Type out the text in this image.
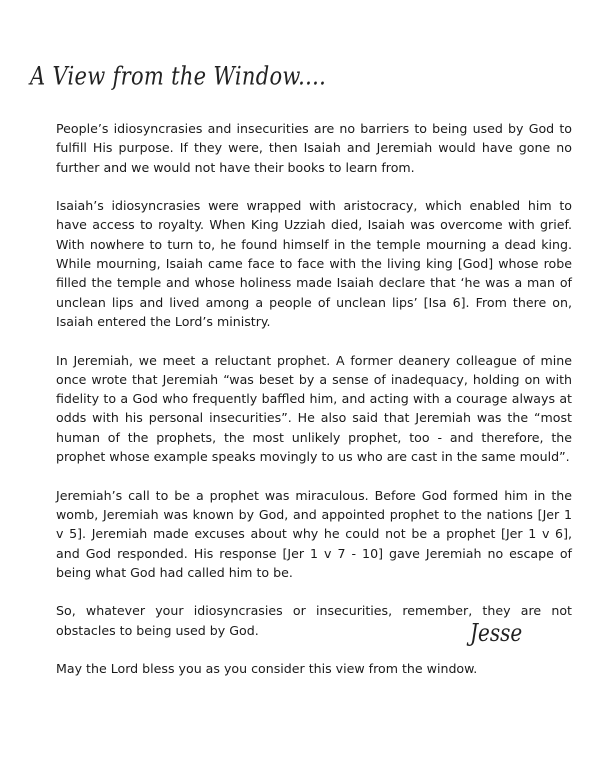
A View from the Window....

People’s idiosyncrasies and insecurities are no barriers to being used by God to fulfill His purpose. If they were, then Isaiah and Jeremiah would have gone no further and we would not have their books to learn from.

Isaiah’s idiosyncrasies were wrapped with aristocracy, which enabled him to have access to royalty. When King Uzziah died, Isaiah was overcome with grief. With nowhere to turn to, he found himself in the temple mourning a dead king. While mourning, Isaiah came face to face with the living king [God] whose robe filled the temple and whose holiness made Isaiah declare that ‘he was a man of unclean lips and lived among a people of unclean lips’ [Isa 6]. From there on, Isaiah entered the Lord’s ministry.

In Jeremiah, we meet a reluctant prophet. A former deanery colleague of mine once wrote that Jeremiah “was beset by a sense of inadequacy, holding on with fidelity to a God who frequently baffled him, and acting with a courage always at odds with his personal insecurities”. He also said that Jeremiah was the “most human of the prophets, the most unlikely prophet, too - and therefore, the prophet whose example speaks movingly to us who are cast in the same mould”.

Jeremiah’s call to be a prophet was miraculous. Before God formed him in the womb, Jeremiah was known by God, and appointed prophet to the nations [Jer 1 v 5]. Jeremiah made excuses about why he could not be a prophet [Jer 1 v 6], and God responded. His response [Jer 1 v 7 - 10] gave Jeremiah no escape of being what God had called him to be.

So, whatever your idiosyncrasies or insecurities, remember, they are not obstacles to being used by God.

May the Lord bless you as you consider this view from the window.

Jesse
